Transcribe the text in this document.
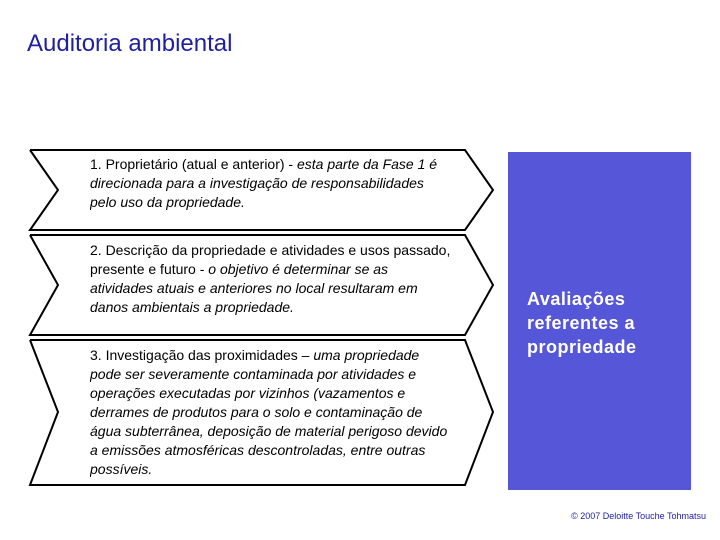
Auditoria ambiental
1. Proprietário (atual e anterior) - esta parte da Fase 1 é direcionada para a investigação de responsabilidades pelo uso da propriedade.
2. Descrição da propriedade e atividades e usos passado, presente e futuro - o objetivo é determinar se as atividades atuais e anteriores no local resultaram em danos ambientais a propriedade.
3. Investigação das proximidades – uma propriedade pode ser severamente contaminada por atividades e operações executadas por vizinhos (vazamentos e derrames de produtos para o solo e contaminação de água subterrânea, deposição de material perigoso devido a emissões atmosféricas descontroladas, entre outras possíveis.
Avaliações referentes a propriedade
© 2007 Deloitte Touche Tohmatsu
